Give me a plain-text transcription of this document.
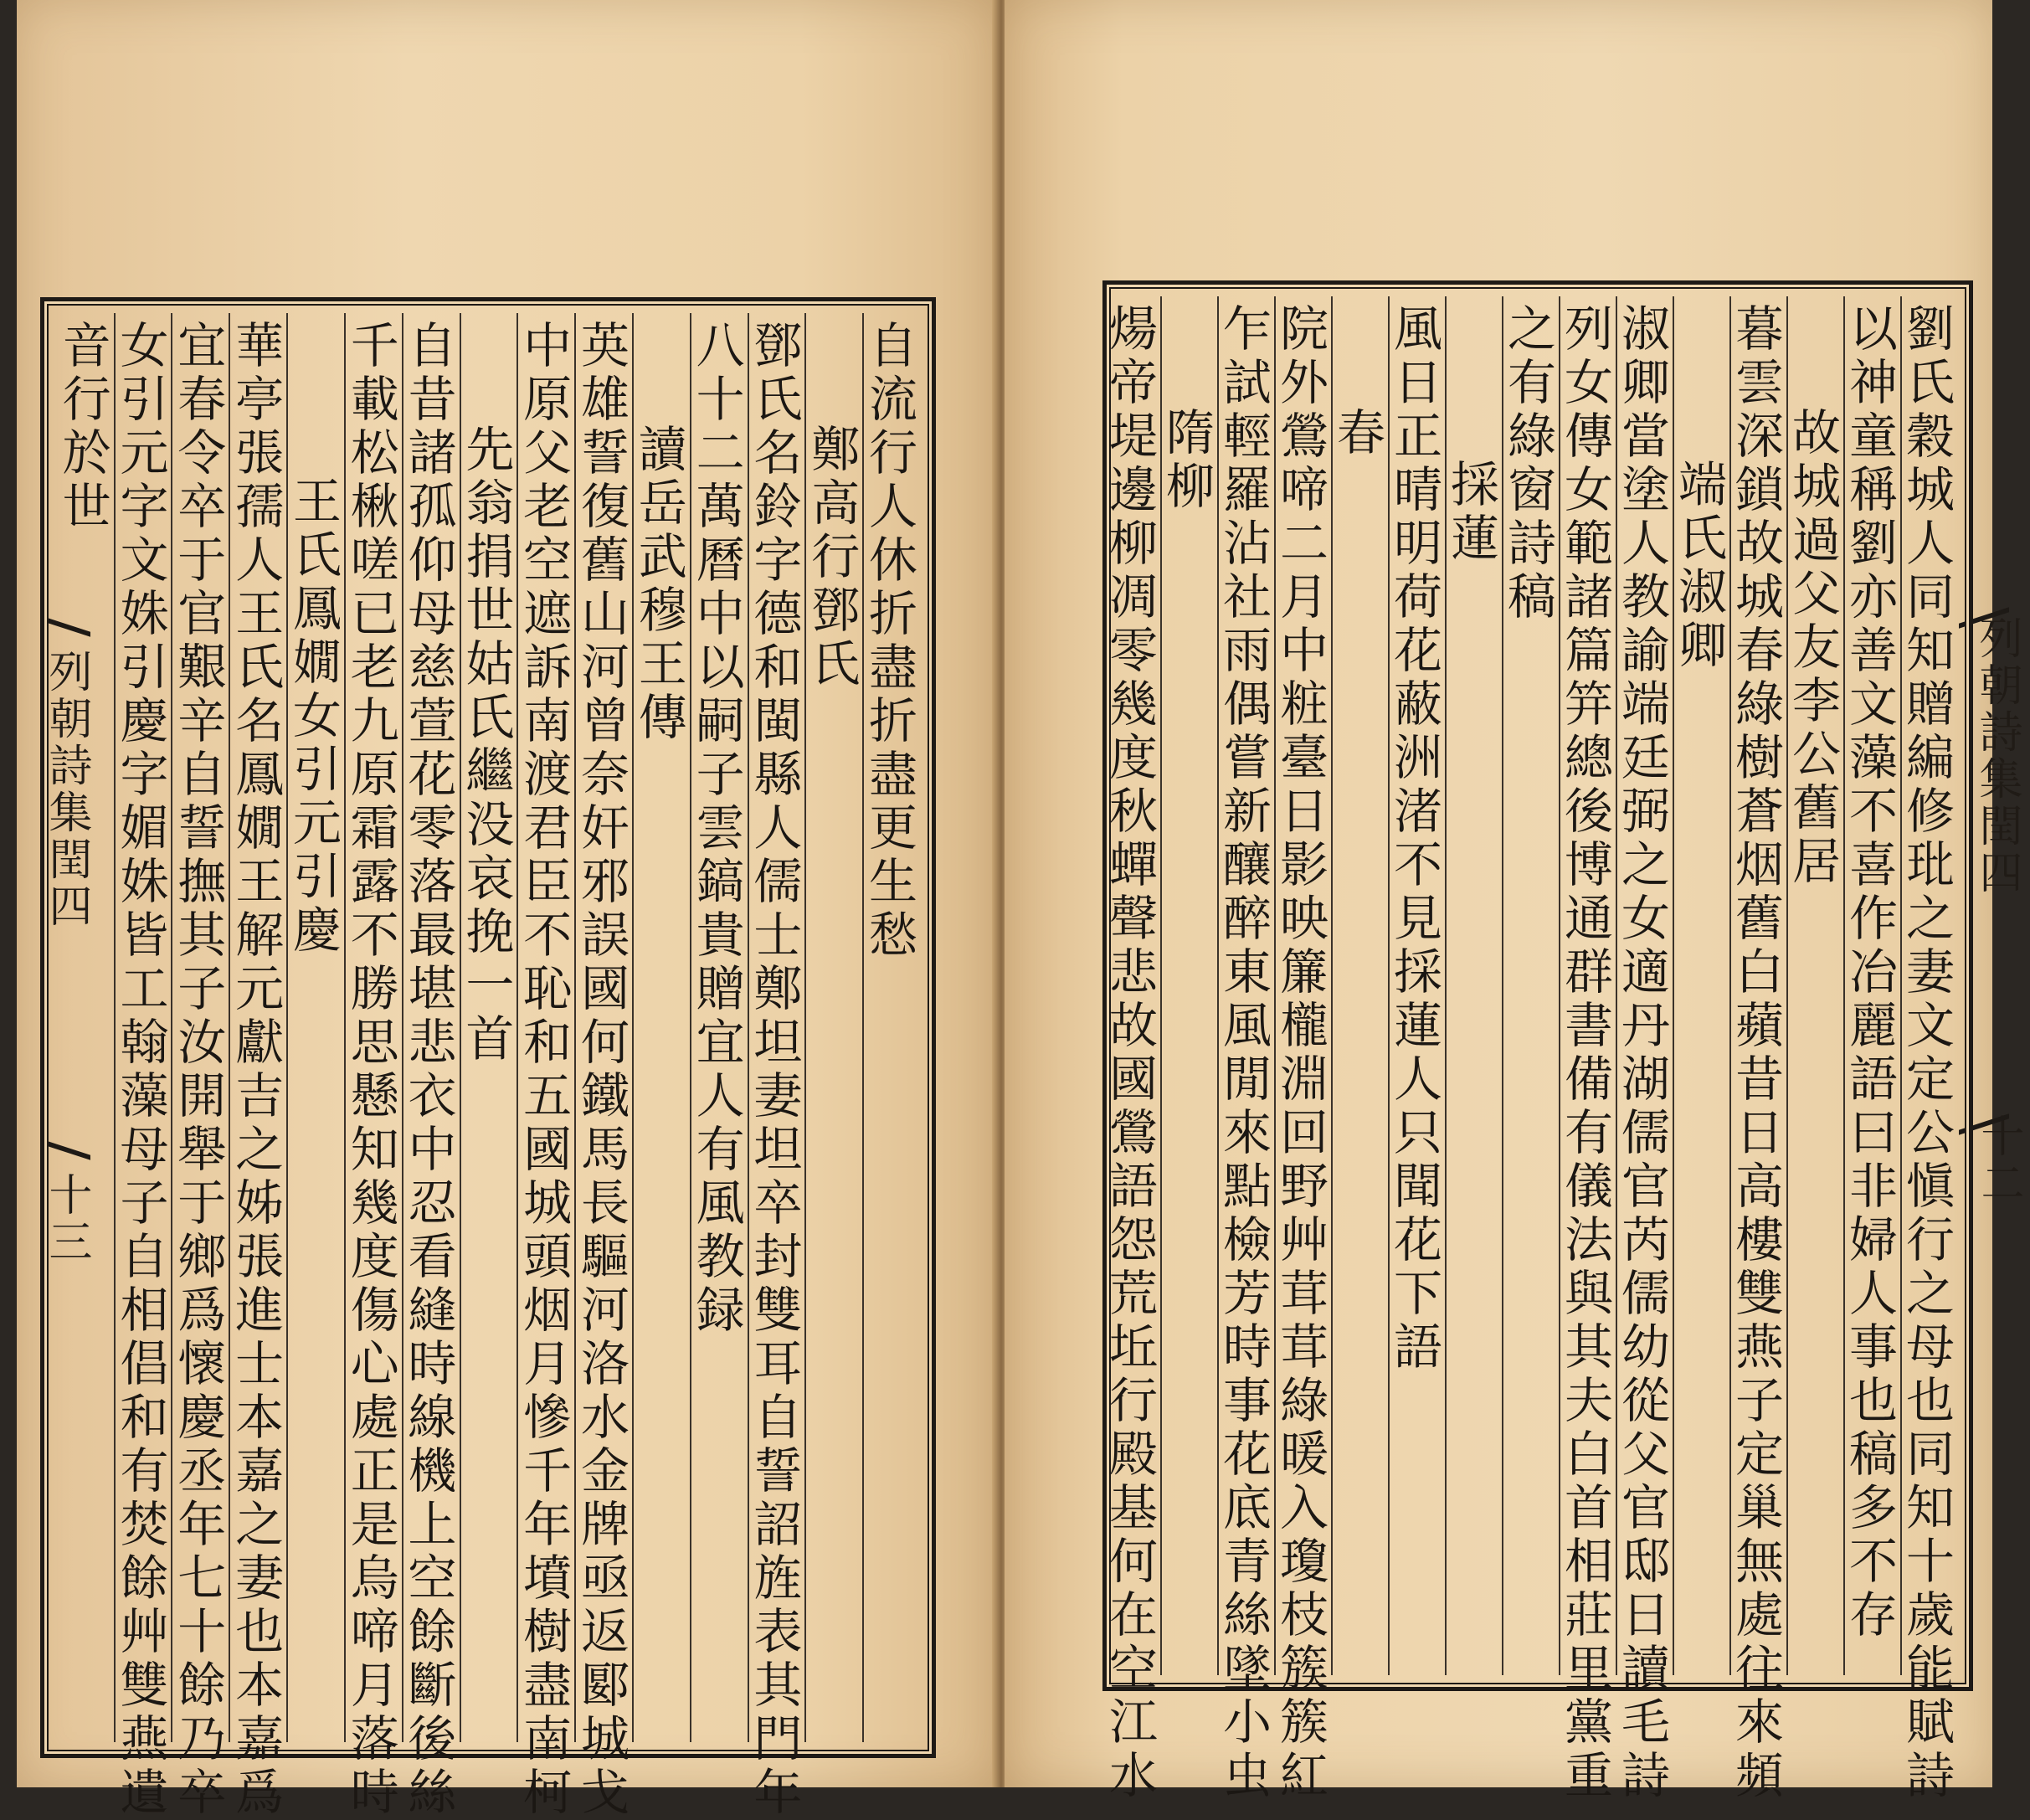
列朝詩集閏四
十三
自流行人休折盡折盡更生愁
鄭高行鄧氏
鄧氏名鈴字德和閩縣人儒士鄭坦妻坦卒封雙耳自誓詔旌表其門年
八十二萬曆中以嗣子雲鎬貴贈宜人有風教録
讀岳武穆王傳
英雄誓復舊山河曾奈奸邪誤國何鐵馬長驅河洛水金牌亟返郾城戈
中原父老空遮訴南渡君臣不恥和五國城頭烟月慘千年墳樹盡南柯
先翁捐世姑氏繼没哀挽一首
自昔諸孤仰母慈萱花零落最堪悲衣中忍看縫時線機上空餘斷後絲
千載松楸嗟已老九原霜露不勝思懸知幾度傷心處正是烏啼月落時
王氏鳳嫺女引元引慶
華亭張孺人王氏名鳳嫺王解元獻吉之姊張進士本嘉之妻也本嘉爲
宜春令卒于官艱辛自誓撫其子汝開舉于鄉爲懷慶丞年七十餘乃卒
女引元字文姝引慶字媚姝皆工翰藻母子自相倡和有焚餘艸雙燕遺
音行於世
列朝詩集閏四
十二
劉氏穀城人同知贈編修玭之妻文定公愼行之母也同知十歲能賦詩
以神童稱劉亦善文藻不喜作冶麗語曰非婦人事也稿多不存
故城過父友李公舊居
暮雲深鎖故城春綠樹蒼烟舊白蘋昔日高樓雙燕子定巢無處往來頻
端氏淑卿
淑卿當塗人教諭端廷弼之女適丹湖儒官芮儒幼從父官邸日讀毛詩
列女傳女範諸篇笄總後博通群書備有儀法與其夫白首相莊里黨重
之有綠窗詩稿
採蓮
風日正晴明荷花蔽洲渚不見採蓮人只聞花下語
春
院外鶯啼二月中粧臺日影映簾櫳淵回野艸茸茸綠暖入瓊枝簇簇紅
乍試輕羅沾社雨偶嘗新釀醉東風閒來點檢芳時事花底青絲墜小虫
隋柳
煬帝堤邊柳凋零幾度秋蟬聲悲故國鶯語怨荒坵行殿基何在空江水
